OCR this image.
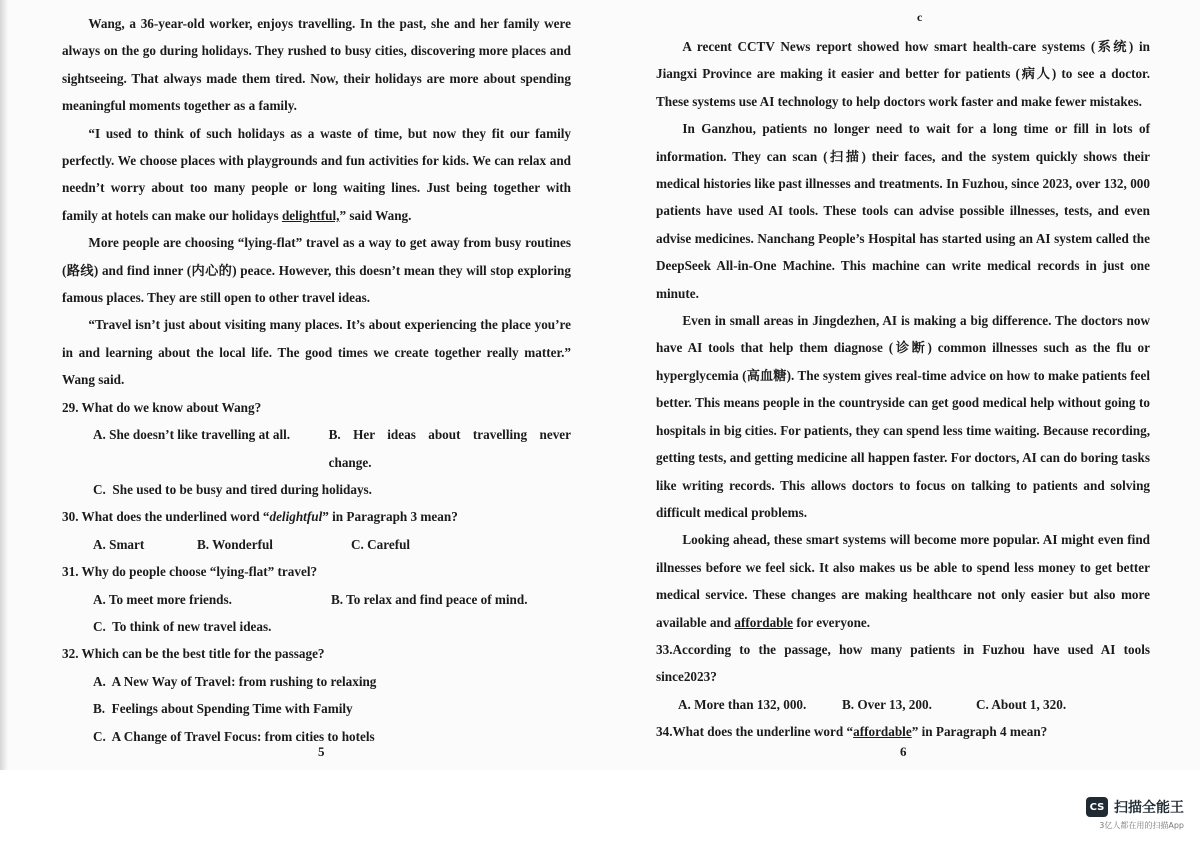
Wang, a 36-year-old worker, enjoys travelling. In the past, she and her family were always on the go during holidays. They rushed to busy cities, discovering more places and sightseeing. That always made them tired. Now, their holidays are more about spending meaningful moments together as a family.

“I used to think of such holidays as a waste of time, but now they fit our family perfectly. We choose places with playgrounds and fun activities for kids. We can relax and needn’t worry about too many people or long waiting lines. Just being together with family at hotels can make our holidays delightful,” said Wang.

More people are choosing “lying-flat” travel as a way to get away from busy routines (路线) and find inner (内心的) peace. However, this doesn’t mean they will stop exploring famous places. They are still open to other travel ideas.

“Travel isn’t just about visiting many places. It’s about experiencing the place you’re in and learning about the local life. The good times we create together really matter.” Wang said.

29. What do we know about Wang?

A. She doesn’t like travelling at all.	B. Her ideas about travelling never change.

C.  She used to be busy and tired during holidays.

30. What does the underlined word “delightful” in Paragraph 3 mean?

A. Smart	B. Wonderful	C. Careful

31. Why do people choose “lying-flat” travel?

A. To meet more friends.	B. To relax and find peace of mind.

C.  To think of new travel ideas.

32. Which can be the best title for the passage?

A.  A New Way of Travel: from rushing to relaxing

B.  Feelings about Spending Time with Family

C.  A Change of Travel Focus: from cities to hotels

5
c

A recent CCTV News report showed how smart health-care systems (系统) in Jiangxi Province are making it easier and better for patients (病人) to see a doctor. These systems use AI technology to help doctors work faster and make fewer mistakes.

In Ganzhou, patients no longer need to wait for a long time or fill in lots of information. They can scan (扫描) their faces, and the system quickly shows their medical histories like past illnesses and treatments. In Fuzhou, since 2023, over 132, 000 patients have used AI tools. These tools can advise possible illnesses, tests, and even advise medicines. Nanchang People’s Hospital has started using an AI system called the DeepSeek All-in-One Machine. This machine can write medical records in just one minute.

Even in small areas in Jingdezhen, AI is making a big difference. The doctors now have AI tools that help them diagnose (诊断) common illnesses such as the flu or hyperglycemia (高血糖). The system gives real-time advice on how to make patients feel better. This means people in the countryside can get good medical help without going to hospitals in big cities. For patients, they can spend less time waiting. Because recording, getting tests, and getting medicine all happen faster. For doctors, AI can do boring tasks like writing records. This allows doctors to focus on talking to patients and solving difficult medical problems.

Looking ahead, these smart systems will become more popular. AI might even find illnesses before we feel sick. It also makes us be able to spend less money to get better medical service. These changes are making healthcare not only easier but also more available and affordable for everyone.

33.According to the passage, how many patients in Fuzhou have used AI tools since2023?

A. More than 132, 000.	B. Over 13, 200.	C. About 1, 320.

34.What does the underline word “affordable” in Paragraph 4 mean?

6
CS 扫描全能王
3亿人都在用的扫描App
